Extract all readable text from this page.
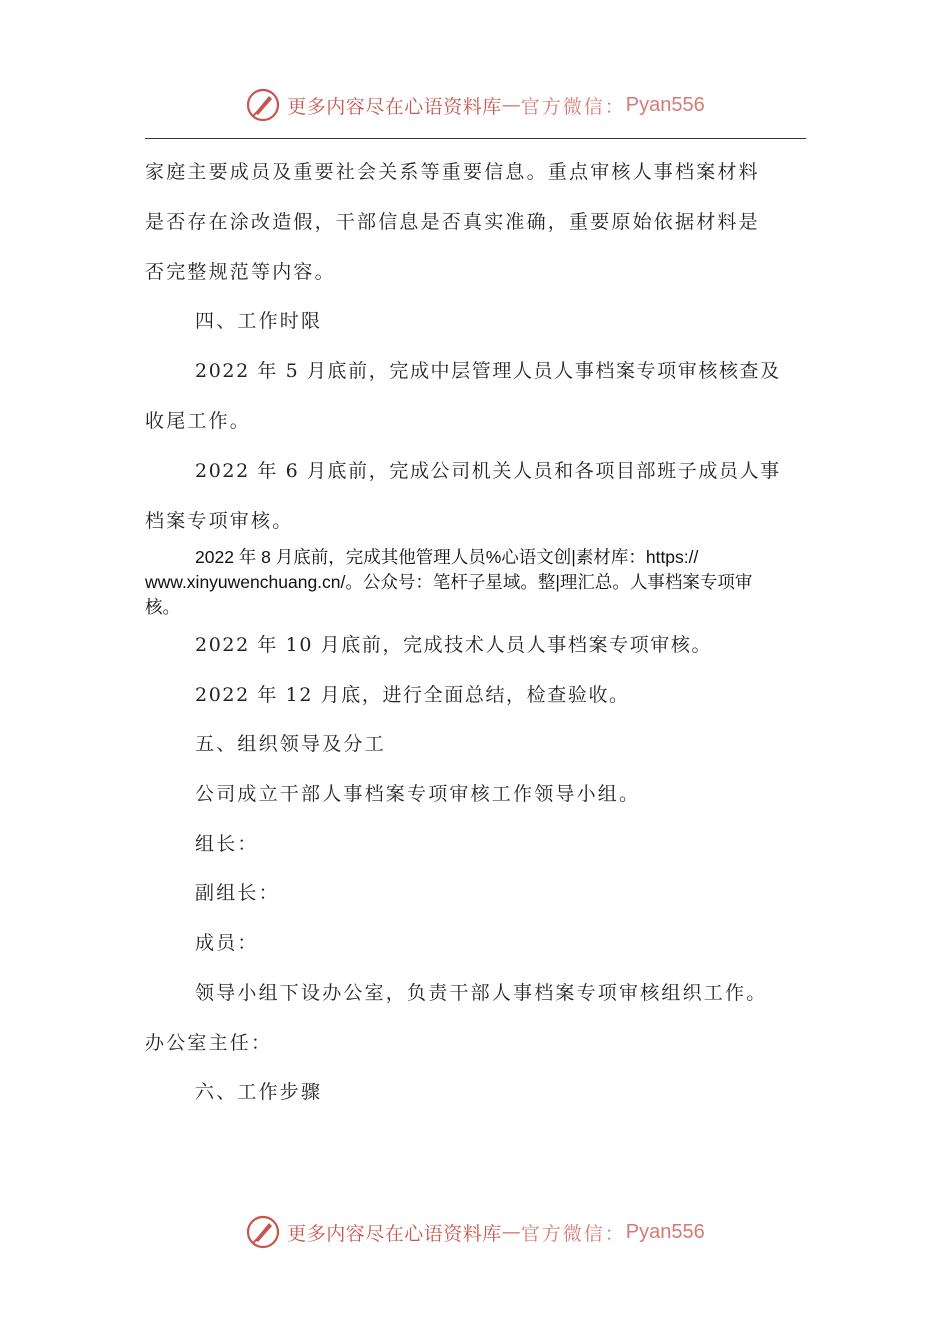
更多内容尽在心语资料库 — 官方微信： Pyan556
家庭主要成员及重要社会关系等重要信息。重点审核人事档案材料
是否存在涂改造假，干部信息是否真实准确，重要原始依据材料是
否完整规范等内容。
四、工作时限
2022 年 5 月底前，完成中层管理人员人事档案专项审核核查及
收尾工作。
2022 年 6 月底前，完成公司机关人员和各项目部班子成员人事
档案专项审核。
2022 年 8 月底前，完成其他管理人员%心语文创|素材库：https://
www.xinyuwenchuang.cn/。公众号：笔杆子星域。整|理汇总。人事档案专项审
核。
2022 年 10 月底前，完成技术人员人事档案专项审核。
2022 年 12 月底，进行全面总结，检查验收。
五、组织领导及分工
公司成立干部人事档案专项审核工作领导小组。
组长：
副组长：
成员：
领导小组下设办公室，负责干部人事档案专项审核组织工作。
办公室主任：
六、工作步骤
更多内容尽在心语资料库 — 官方微信： Pyan556
